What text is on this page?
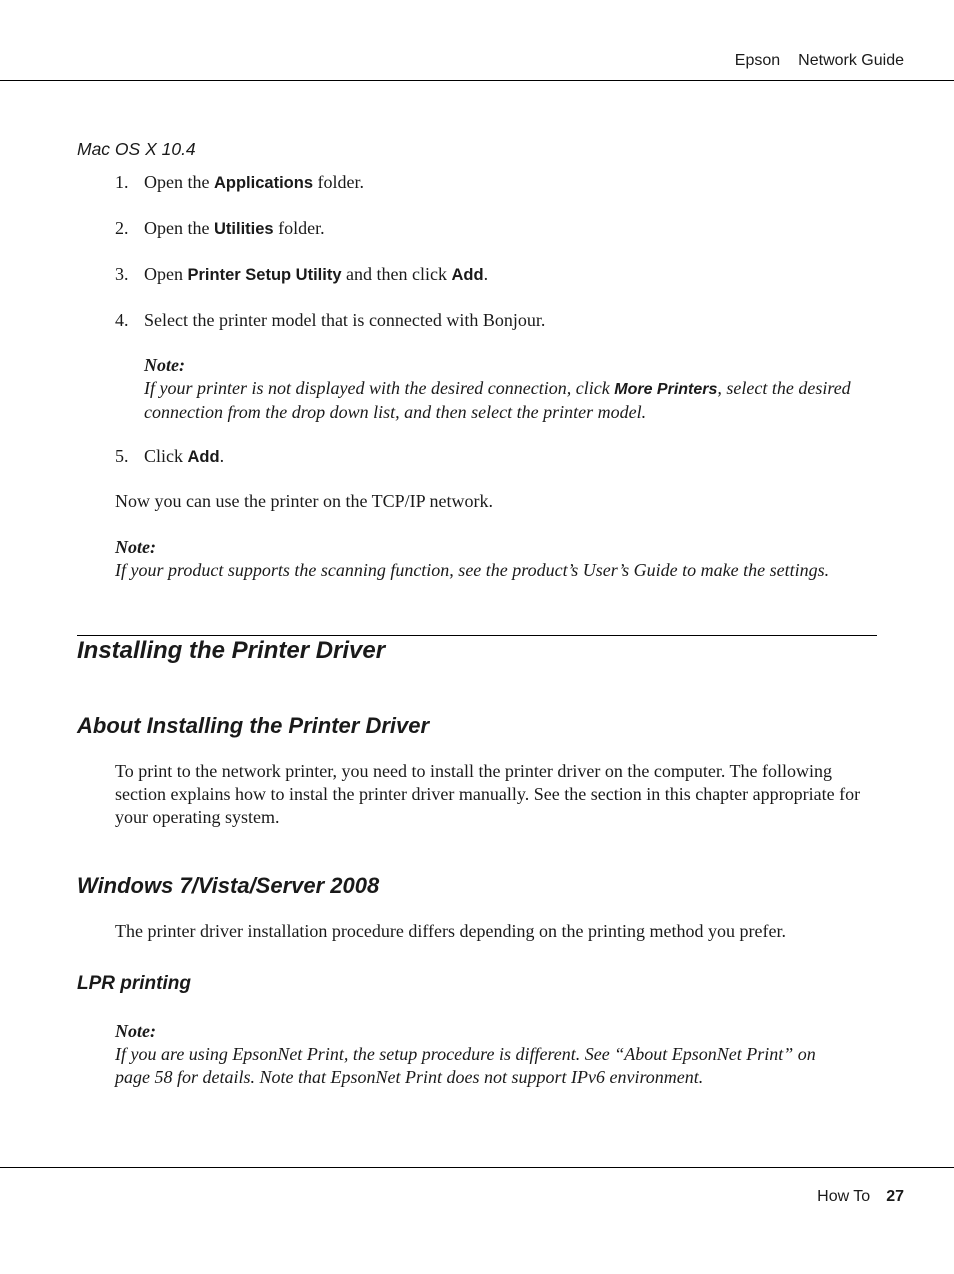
Epson Network Guide
Mac OS X 10.4
1. Open the Applications folder.
2. Open the Utilities folder.
3. Open Printer Setup Utility and then click Add.
4. Select the printer model that is connected with Bonjour.
Note:
If your printer is not displayed with the desired connection, click More Printers, select the desired connection from the drop down list, and then select the printer model.
5. Click Add.
Now you can use the printer on the TCP/IP network.
Note:
If your product supports the scanning function, see the product’s User’s Guide to make the settings.
Installing the Printer Driver
About Installing the Printer Driver
To print to the network printer, you need to install the printer driver on the computer. The following section explains how to instal the printer driver manually. See the section in this chapter appropriate for your operating system.
Windows 7/Vista/Server 2008
The printer driver installation procedure differs depending on the printing method you prefer.
LPR printing
Note:
If you are using EpsonNet Print, the setup procedure is different. See “About EpsonNet Print” on page 58 for details. Note that EpsonNet Print does not support IPv6 environment.
How To 27
